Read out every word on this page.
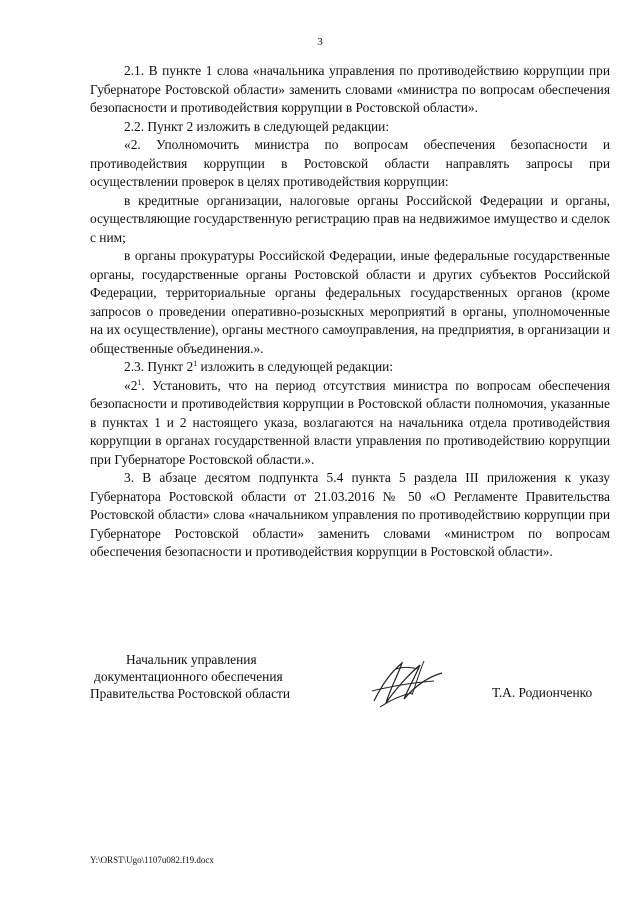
3

2.1. В пункте 1 слова «начальника управления по противодействию коррупции при Губернаторе Ростовской области» заменить словами «министра по вопросам обеспечения безопасности и противодействия коррупции в Ростовской области».

2.2. Пункт 2 изложить в следующей редакции:

«2. Уполномочить министра по вопросам обеспечения безопасности и противодействия коррупции в Ростовской области направлять запросы при осуществлении проверок в целях противодействия коррупции:

в кредитные организации, налоговые органы Российской Федерации и органы, осуществляющие государственную регистрацию прав на недвижимое имущество и сделок с ним;

в органы прокуратуры Российской Федерации, иные федеральные государственные органы, государственные органы Ростовской области и других субъектов Российской Федерации, территориальные органы федеральных государственных органов (кроме запросов о проведении оперативно-розыскных мероприятий в органы, уполномоченные на их осуществление), органы местного самоуправления, на предприятия, в организации и общественные объединения.».

2.3. Пункт $2^1$ изложить в следующей редакции:

«$2^1$. Установить, что на период отсутствия министра по вопросам обеспечения безопасности и противодействия коррупции в Ростовской области полномочия, указанные в пунктах 1 и 2 настоящего указа, возлагаются на начальника отдела противодействия коррупции в органах государственной власти управления по противодействию коррупции при Губернаторе Ростовской области.».

3. В абзаце десятом подпункта 5.4 пункта 5 раздела III приложения к указу Губернатора Ростовской области от 21.03.2016 № 50 «О Регламенте Правительства Ростовской области» слова «начальником управления по противодействию коррупции при Губернаторе Ростовской области» заменить словами «министром по вопросам обеспечения безопасности и противодействия коррупции в Ростовской области».

Начальник управления
документационного обеспечения
Правительства Ростовской области	Т.А. Родионченко
Y:\ORST\Ugo\1107u082.f19.docx
